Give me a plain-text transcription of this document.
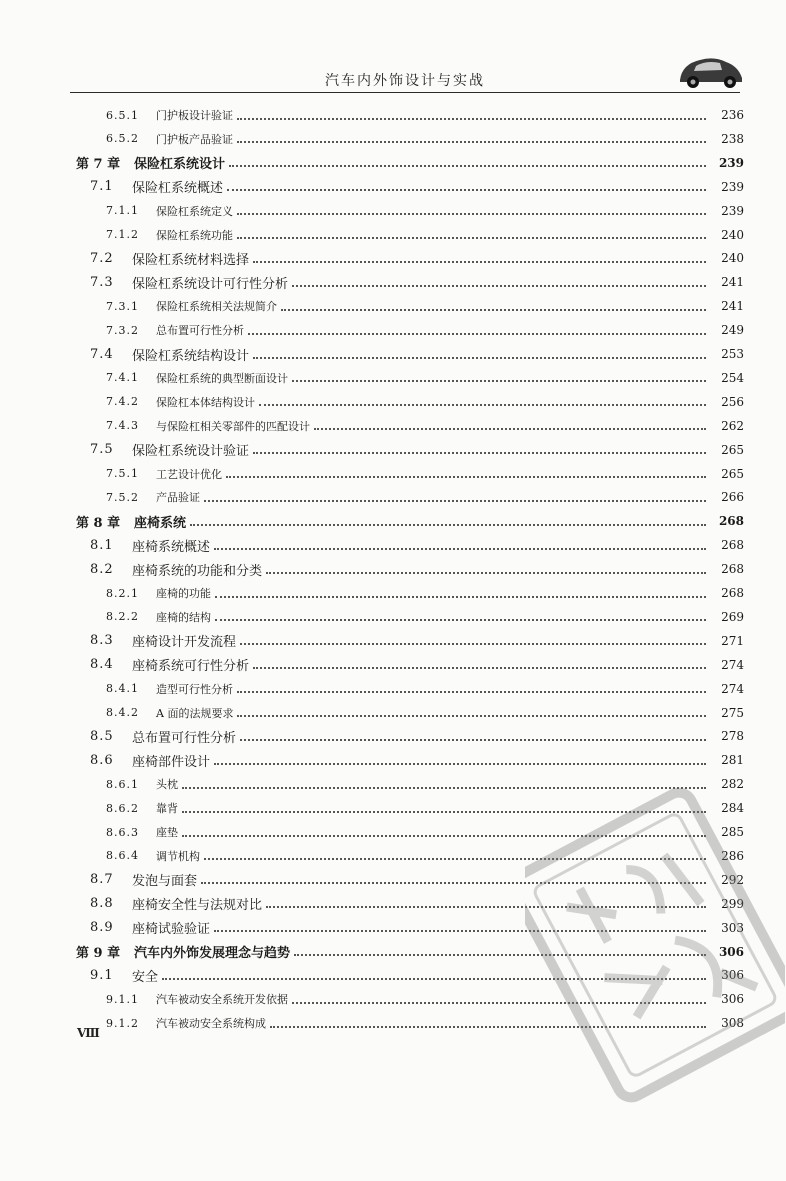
汽车内外饰设计与实战
6.5.1	门护板设计验证	236
6.5.2	门护板产品验证	238
第 7 章	保险杠系统设计	239
7.1	保险杠系统概述	239
7.1.1	保险杠系统定义	239
7.1.2	保险杠系统功能	240
7.2	保险杠系统材料选择	240
7.3	保险杠系统设计可行性分析	241
7.3.1	保险杠系统相关法规简介	241
7.3.2	总布置可行性分析	249
7.4	保险杠系统结构设计	253
7.4.1	保险杠系统的典型断面设计	254
7.4.2	保险杠本体结构设计	256
7.4.3	与保险杠相关零部件的匹配设计	262
7.5	保险杠系统设计验证	265
7.5.1	工艺设计优化	265
7.5.2	产品验证	266
第 8 章	座椅系统	268
8.1	座椅系统概述	268
8.2	座椅系统的功能和分类	268
8.2.1	座椅的功能	268
8.2.2	座椅的结构	269
8.3	座椅设计开发流程	271
8.4	座椅系统可行性分析	274
8.4.1	造型可行性分析	274
8.4.2	A 面的法规要求	275
8.5	总布置可行性分析	278
8.6	座椅部件设计	281
8.6.1	头枕	282
8.6.2	靠背	284
8.6.3	座垫	285
8.6.4	调节机构	286
8.7	发泡与面套	292
8.8	座椅安全性与法规对比	299
8.9	座椅试验验证	303
第 9 章	汽车内外饰发展理念与趋势	306
9.1	安全	306
9.1.1	汽车被动安全系统开发依据	306
9.1.2	汽车被动安全系统构成	308
Ⅷ
